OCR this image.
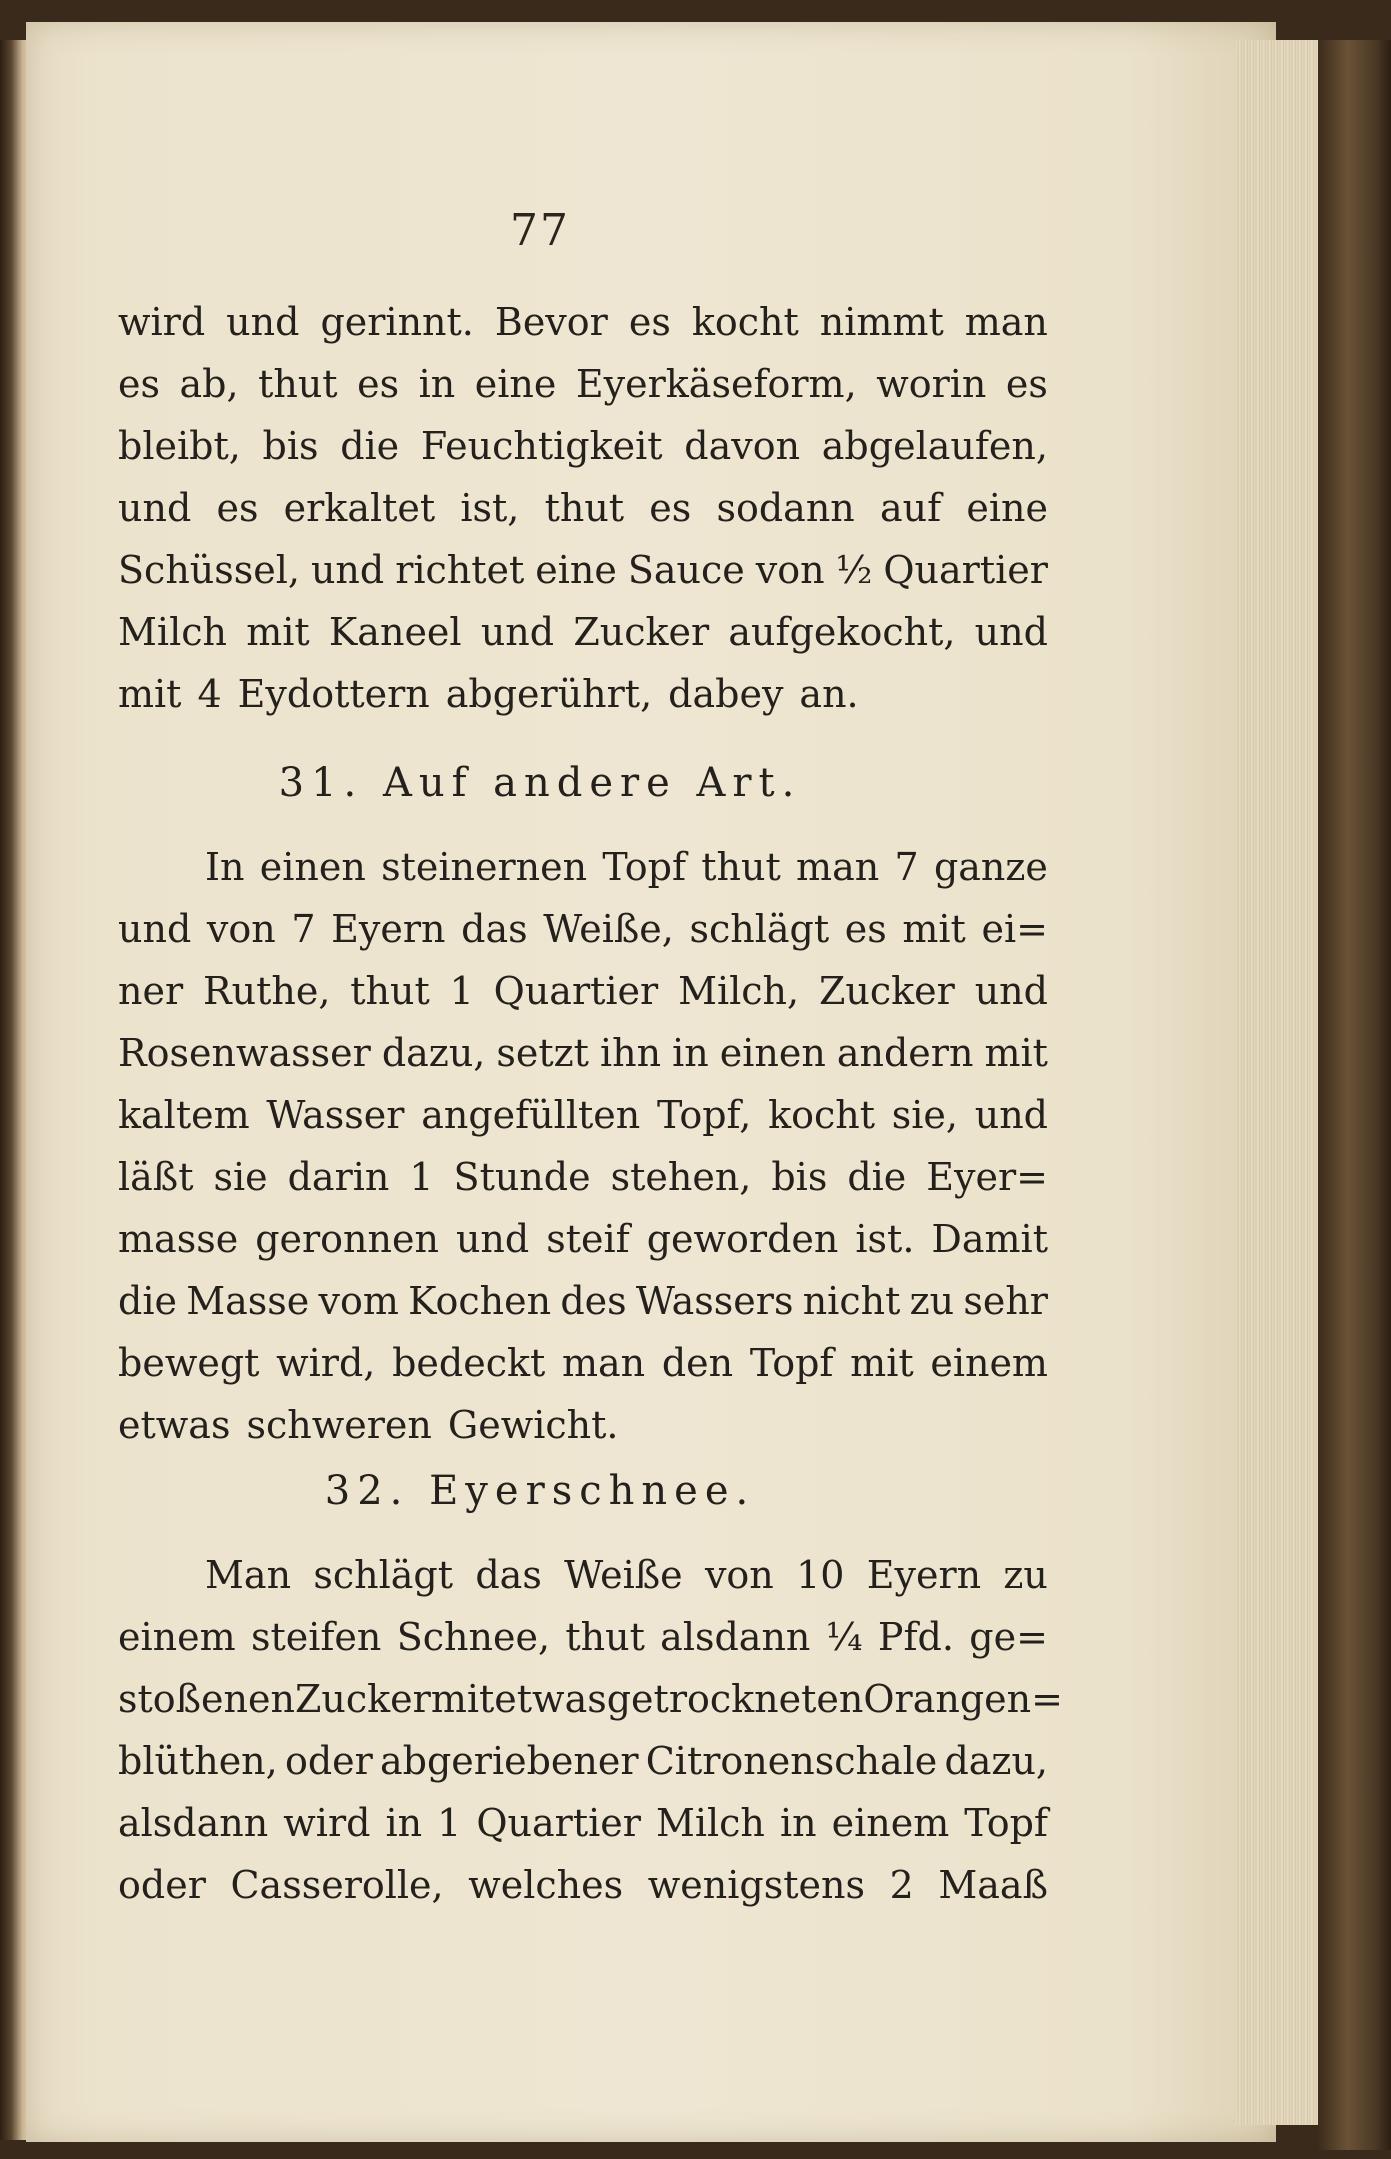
77
wird und gerinnt. Bevor es kocht nimmt man
es ab, thut es in eine Eyerkäseform, worin es
bleibt, bis die Feuchtigkeit davon abgelaufen,
und es erkaltet ist, thut es sodann auf eine
Schüssel, und richtet eine Sauce von ½ Quartier
Milch mit Kaneel und Zucker aufgekocht, und
mit 4 Eydottern abgerührt, dabey an.
31. Auf andere Art.
In einen steinernen Topf thut man 7 ganze
und von 7 Eyern das Weiße, schlägt es mit ei=
ner Ruthe, thut 1 Quartier Milch, Zucker und
Rosenwasser dazu, setzt ihn in einen andern mit
kaltem Wasser angefüllten Topf, kocht sie, und
läßt sie darin 1 Stunde stehen, bis die Eyer=
masse geronnen und steif geworden ist. Damit
die Masse vom Kochen des Wassers nicht zu sehr
bewegt wird, bedeckt man den Topf mit einem
etwas schweren Gewicht.
32. Eyerschnee.
Man schlägt das Weiße von 10 Eyern zu
einem steifen Schnee, thut alsdann ¼ Pfd. ge=
stoßenen Zucker mit etwas getrockneten Orangen=
blüthen, oder abgeriebener Citronenschale dazu,
alsdann wird in 1 Quartier Milch in einem Topf
oder Casserolle, welches wenigstens 2 Maaß
